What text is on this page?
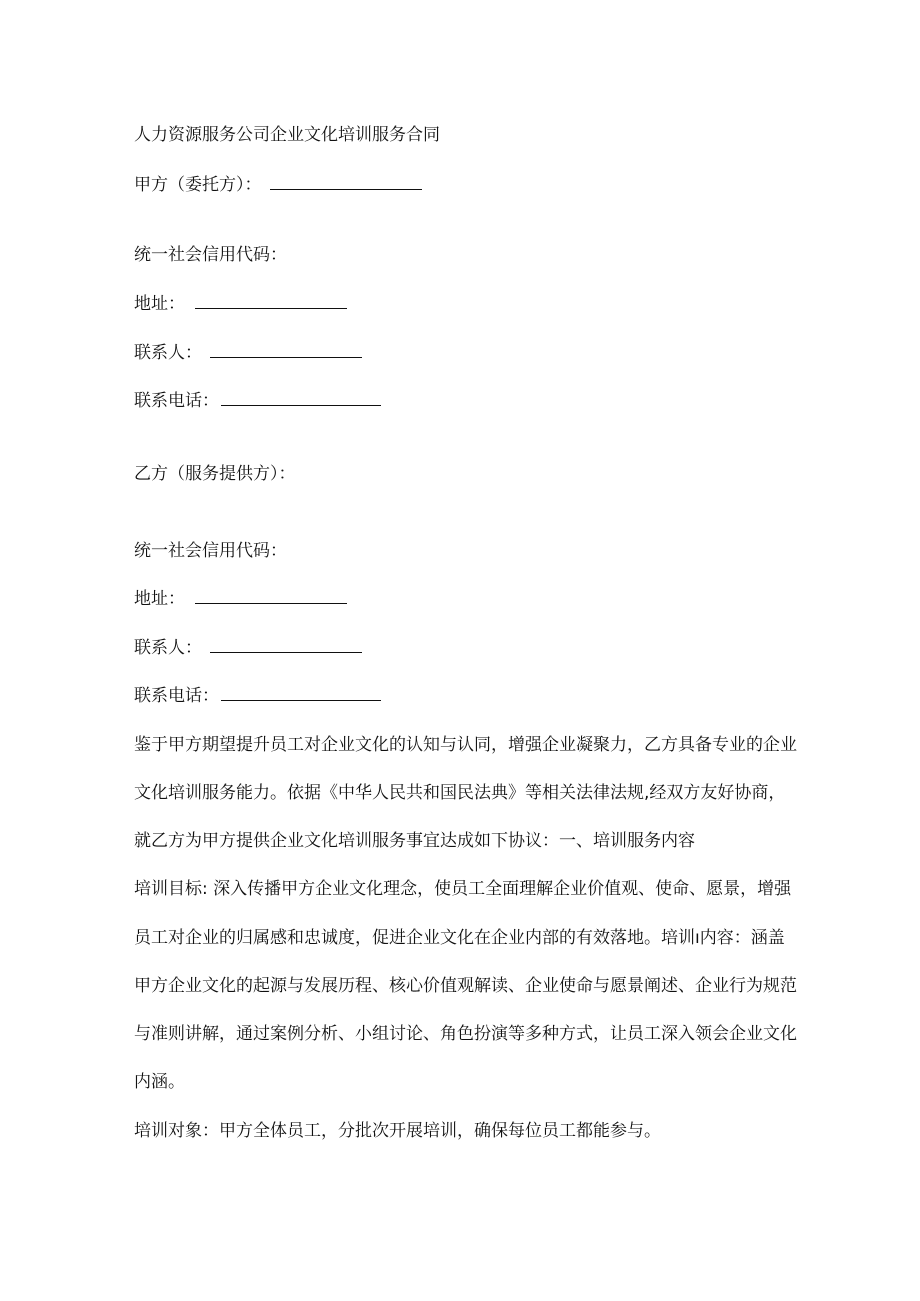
人力资源服务公司企业文化培训服务合同
甲方（委托方）：
统一社会信用代码：
地址：
联系人：
联系电话：
乙方（服务提供方）：
统一社会信用代码：
地址：
联系人：
联系电话：
鉴于甲方期望提升员工对企业文化的认知与认同，增强企业凝聚力，乙方具备专业的企业
文化培训服务能力。依据《中华人民共和国民法典》等相关法律法规,经双方友好协商，
就乙方为甲方提供企业文化培训服务事宜达成如下协议：一、培训服务内容
培训目标: 深入传播甲方企业文化理念，使员工全面理解企业价值观、使命、愿景，增强
员工对企业的归属感和忠诚度，促进企业文化在企业内部的有效落地。培训ı内容：涵盖
甲方企业文化的起源与发展历程、核心价值观解读、企业使命与愿景阐述、企业行为规范
与准则讲解，通过案例分析、小组讨论、角色扮演等多种方式，让员工深入领会企业文化
内涵。
培训对象：甲方全体员工，分批次开展培训，确保每位员工都能参与。
